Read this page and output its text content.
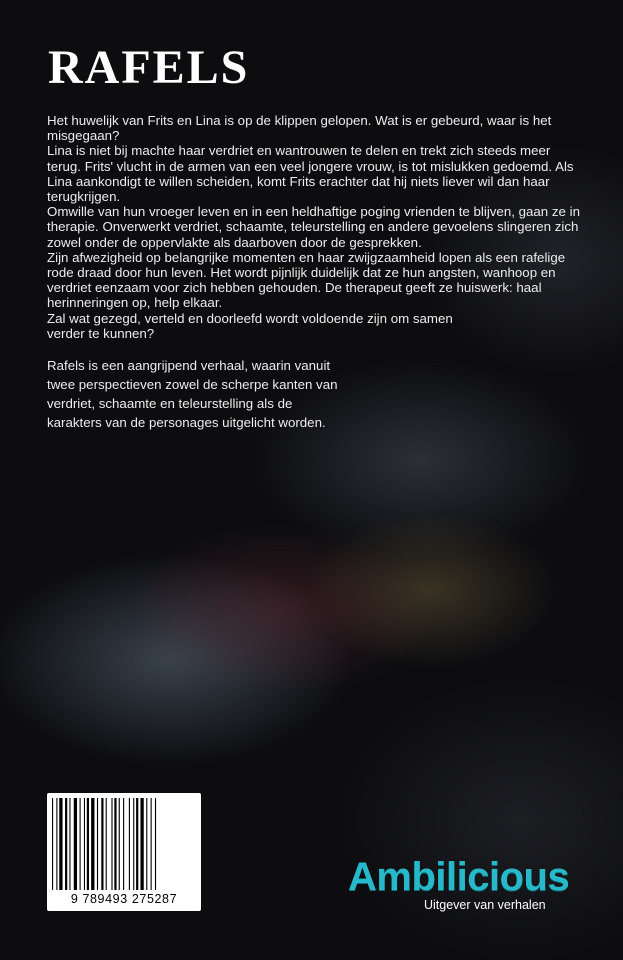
RAFELS

Het huwelijk van Frits en Lina is op de klippen gelopen. Wat is er gebeurd, waar is het misgegaan?

Lina is niet bij machte haar verdriet en wantrouwen te delen en trekt zich steeds meer terug. Frits' vlucht in de armen van een veel jongere vrouw, is tot mislukken gedoemd. Als Lina aankondigt te willen scheiden, komt Frits erachter dat hij niets liever wil dan haar terugkrijgen.

Omwille van hun vroeger leven en in een heldhaftige poging vrienden te blijven, gaan ze in therapie. Onverwerkt verdriet, schaamte, teleurstelling en andere gevoelens slingeren zich zowel onder de oppervlakte als daarboven door de gesprekken.

Zijn afwezigheid op belangrijke momenten en haar zwijgzaamheid lopen als een rafelige rode draad door hun leven. Het wordt pijnlijk duidelijk dat ze hun angsten, wanhoop en verdriet eenzaam voor zich hebben gehouden. De therapeut geeft ze huiswerk: haal herinneringen op, help elkaar.

Zal wat gezegd, verteld en doorleefd wordt voldoende zijn om samen verder te kunnen?

Rafels is een aangrijpend verhaal, waarin vanuit twee perspectieven zowel de scherpe kanten van verdriet, schaamte en teleurstelling als de karakters van de personages uitgelicht worden.

9 789493 275287	Ambilicious
Uitgever van verhalen
